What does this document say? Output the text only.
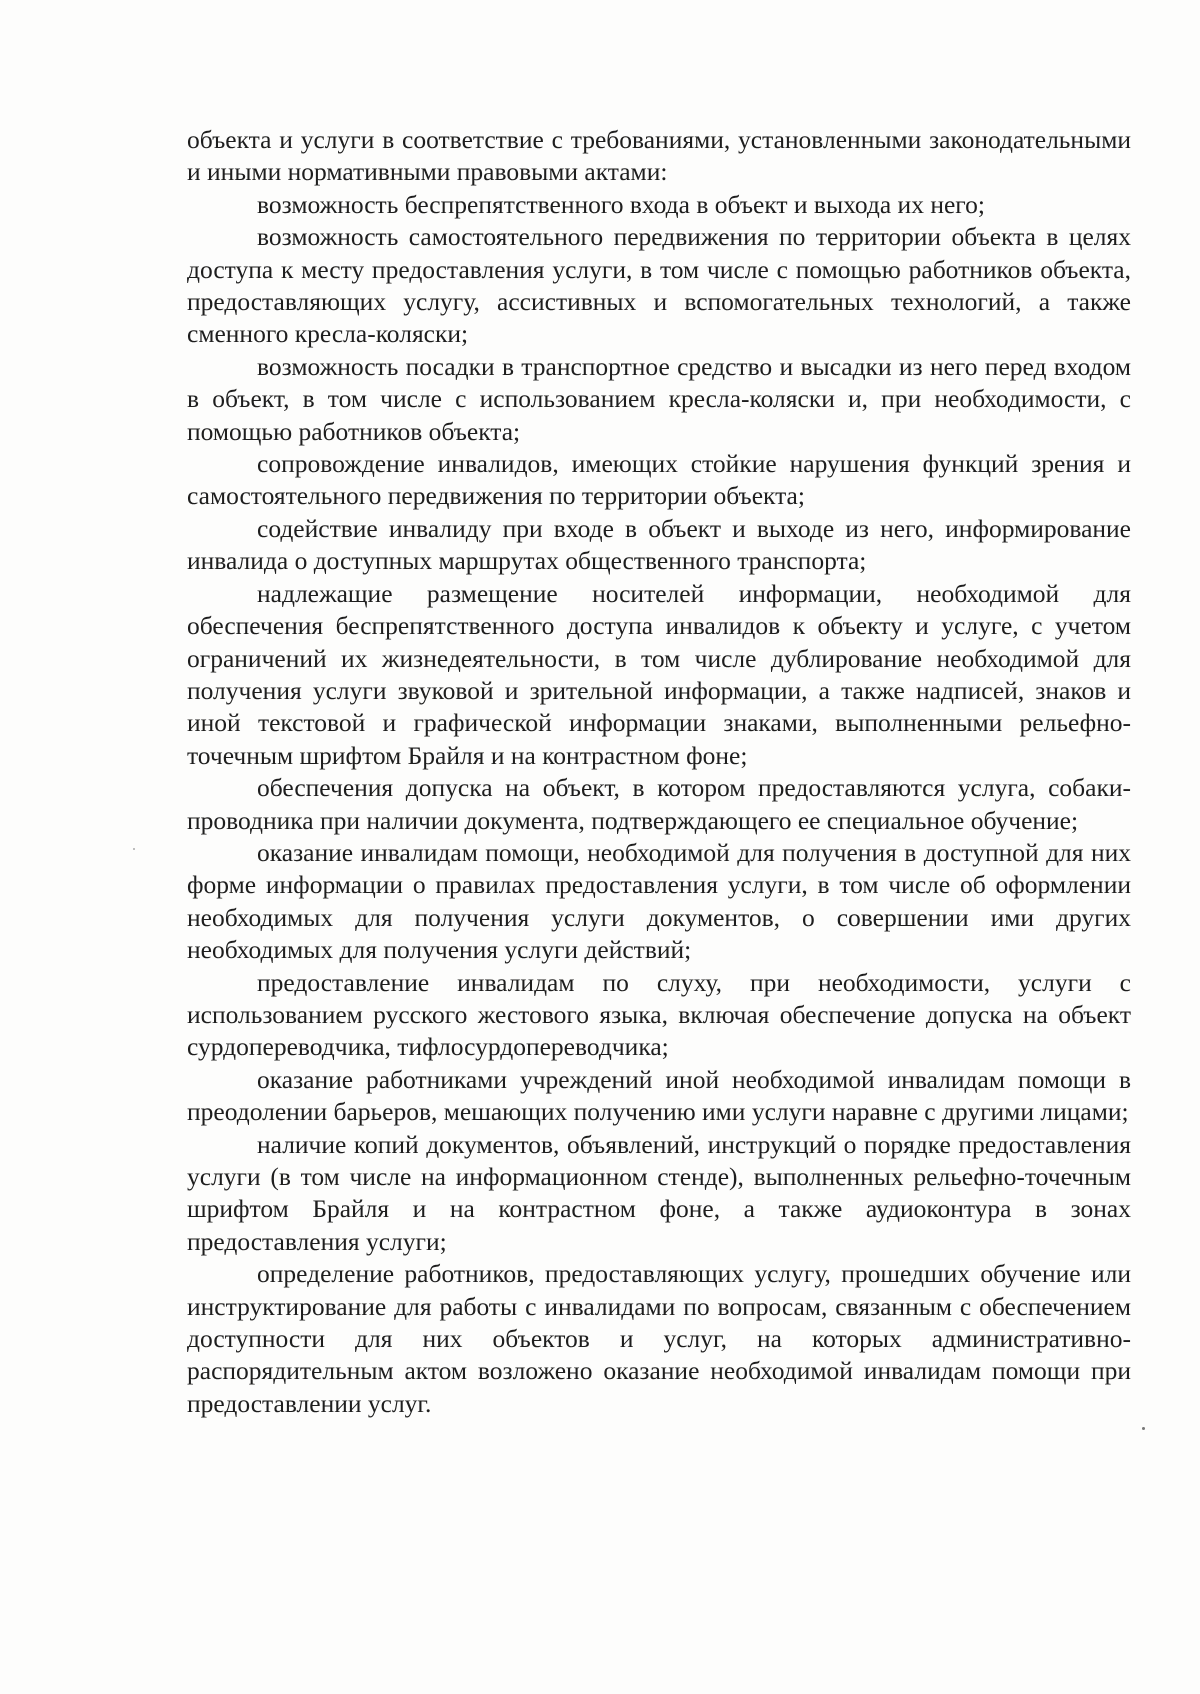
объекта и услуги в соответствие с требованиями, установленными законодательными и иными нормативными правовыми актами:

возможность беспрепятственного входа в объект и выхода их него;

возможность самостоятельного передвижения по территории объекта в целях доступа к месту предоставления услуги, в том числе с помощью работников объекта, предоставляющих услугу, ассистивных и вспомогательных технологий, а также сменного кресла-коляски;

возможность посадки в транспортное средство и высадки из него перед входом в объект, в том числе с использованием кресла-коляски и, при необходимости, с помощью работников объекта;

сопровождение инвалидов, имеющих стойкие нарушения функций зрения и самостоятельного передвижения по территории объекта;

содействие инвалиду при входе в объект и выходе из него, информирование инвалида о доступных маршрутах общественного транспорта;

надлежащие размещение носителей информации, необходимой для обеспечения беспрепятственного доступа инвалидов к объекту и услуге, с учетом ограничений их жизнедеятельности, в том числе дублирование необходимой для получения услуги звуковой и зрительной информации, а также надписей, знаков и иной текстовой и графической информации знаками, выполненными рельефно-точечным шрифтом Брайля и на контрастном фоне;

обеспечения допуска на объект, в котором предоставляются услуга, собаки-проводника при наличии документа, подтверждающего ее специальное обучение;

оказание инвалидам помощи, необходимой для получения в доступной для них форме информации о правилах предоставления услуги, в том числе об оформлении необходимых для получения услуги документов, о совершении ими других необходимых для получения услуги действий;

предоставление инвалидам по слуху, при необходимости, услуги с использованием русского жестового языка, включая обеспечение допуска на объект сурдопереводчика, тифлосурдопереводчика;

оказание работниками учреждений иной необходимой инвалидам помощи в преодолении барьеров, мешающих получению ими услуги наравне с другими лицами;

наличие копий документов, объявлений, инструкций о порядке предоставления услуги (в том числе на информационном стенде), выполненных рельефно-точечным шрифтом Брайля и на контрастном фоне, а также аудиоконтура в зонах предоставления услуги;

определение работников, предоставляющих услугу, прошедших обучение или инструктирование для работы с инвалидами по вопросам, связанным с обеспечением доступности для них объектов и услуг, на которых административно-распорядительным актом возложено оказание необходимой инвалидам помощи при предоставлении услуг.
